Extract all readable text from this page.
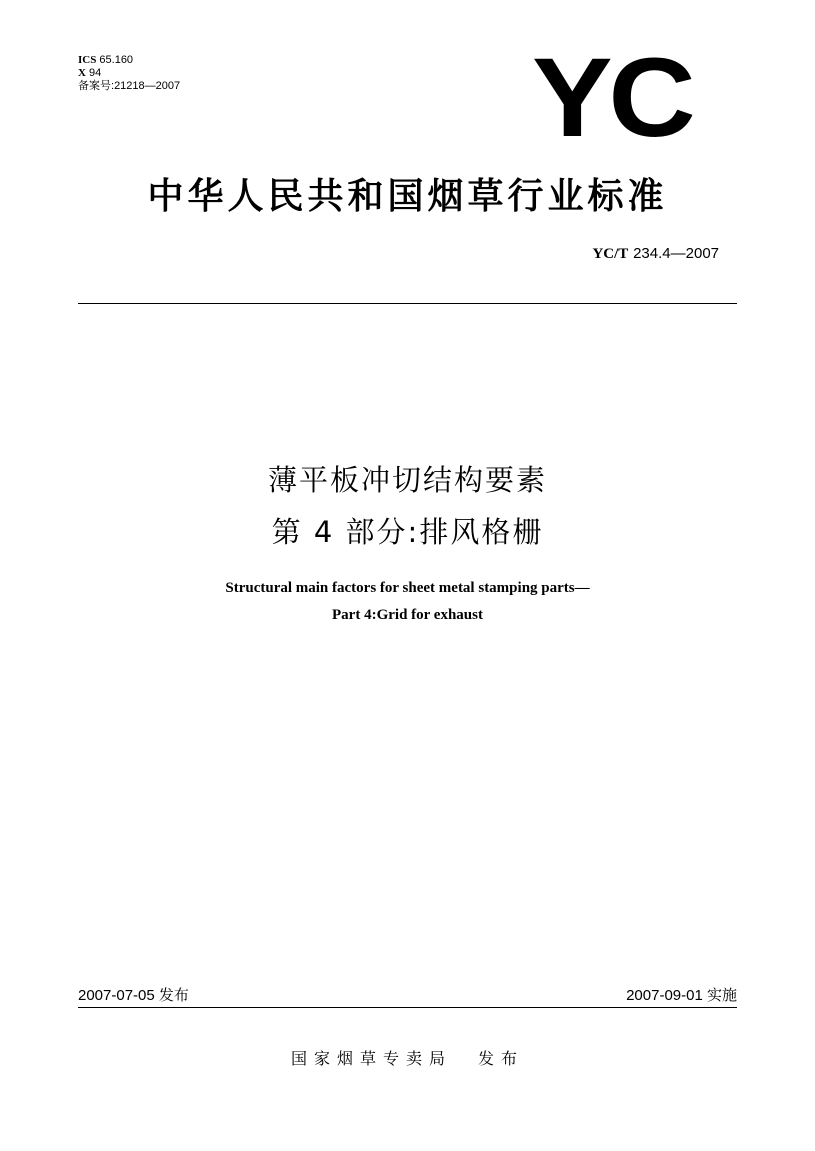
ICS 65.160
X 94
备案号:21218—2007	YC
中华人民共和国烟草行业标准
YC/T 234.4—2007
薄平板冲切结构要素
第 4 部分:排风格栅
Structural main factors for sheet metal stamping parts—
Part 4:Grid for exhaust
2007-07-05 发布	2007-09-01 实施
国家烟草专卖局 发布
